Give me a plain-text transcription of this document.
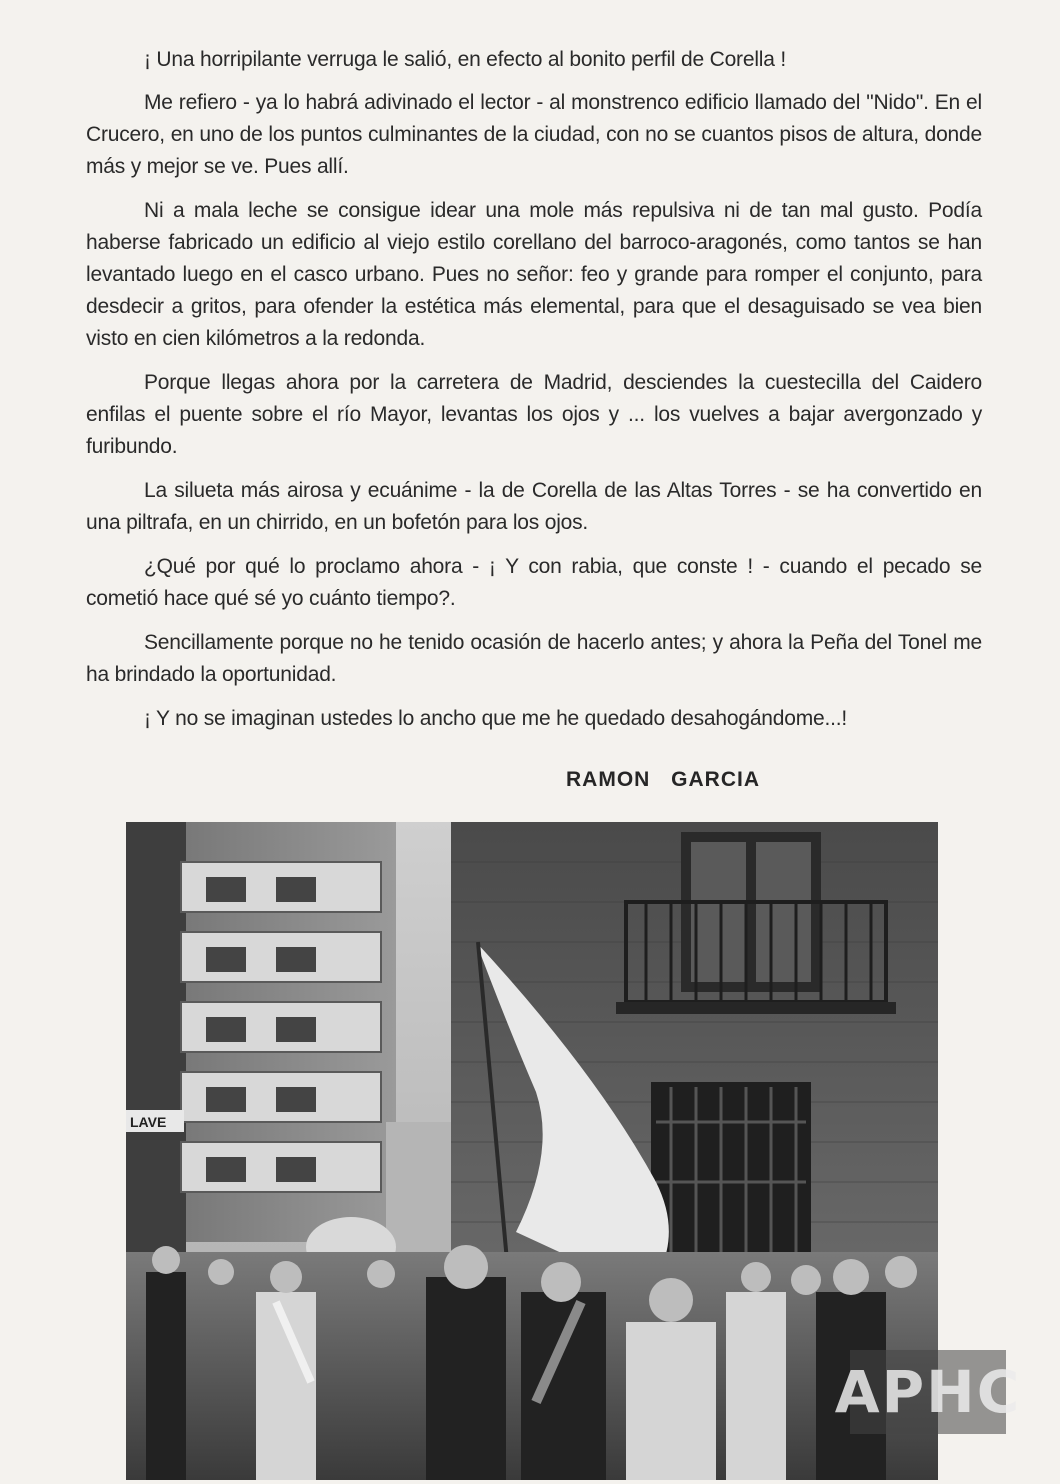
¡ Una horripilante verruga le salió, en efecto al bonito perfil de Corella !

Me refiero - ya lo habrá adivinado el lector - al monstrenco edificio llamado del "Nido". En el Crucero, en uno de los puntos culminantes de la ciudad, con no se cuantos pisos de altura, donde más y mejor se ve. Pues allí.

Ni a mala leche se consigue idear una mole más repulsiva ni de tan mal gusto. Podía haberse fabricado un edificio al viejo estilo corellano del barroco-aragonés, como tantos se han levantado luego en el casco urbano. Pues no señor: feo y grande para romper el conjunto, para desdecir a gritos, para ofender la estética más elemental, para que el desaguisado se vea bien visto en cien kilómetros a la redonda.

Porque llegas ahora por la carretera de Madrid, desciendes la cuestecilla del Caidero enfilas el puente sobre el río Mayor, levantas los ojos y ... los vuelves a bajar avergonzado y furibundo.

La silueta más airosa y ecuánime - la de Corella de las Altas Torres - se ha convertido en una piltrafa, en un chirrido, en un bofetón para los ojos.

¿Qué por qué lo proclamo ahora - ¡ Y con rabia, que conste ! - cuando el pecado se cometió hace qué sé yo cuánto tiempo?.

Sencillamente porque no he tenido ocasión de hacerlo antes; y ahora la Peña del Tonel me ha brindado la oportunidad.

¡ Y no se imaginan ustedes lo ancho que me he quedado desahogándome...!

RAMON GARCIA
LAVE
APHC
